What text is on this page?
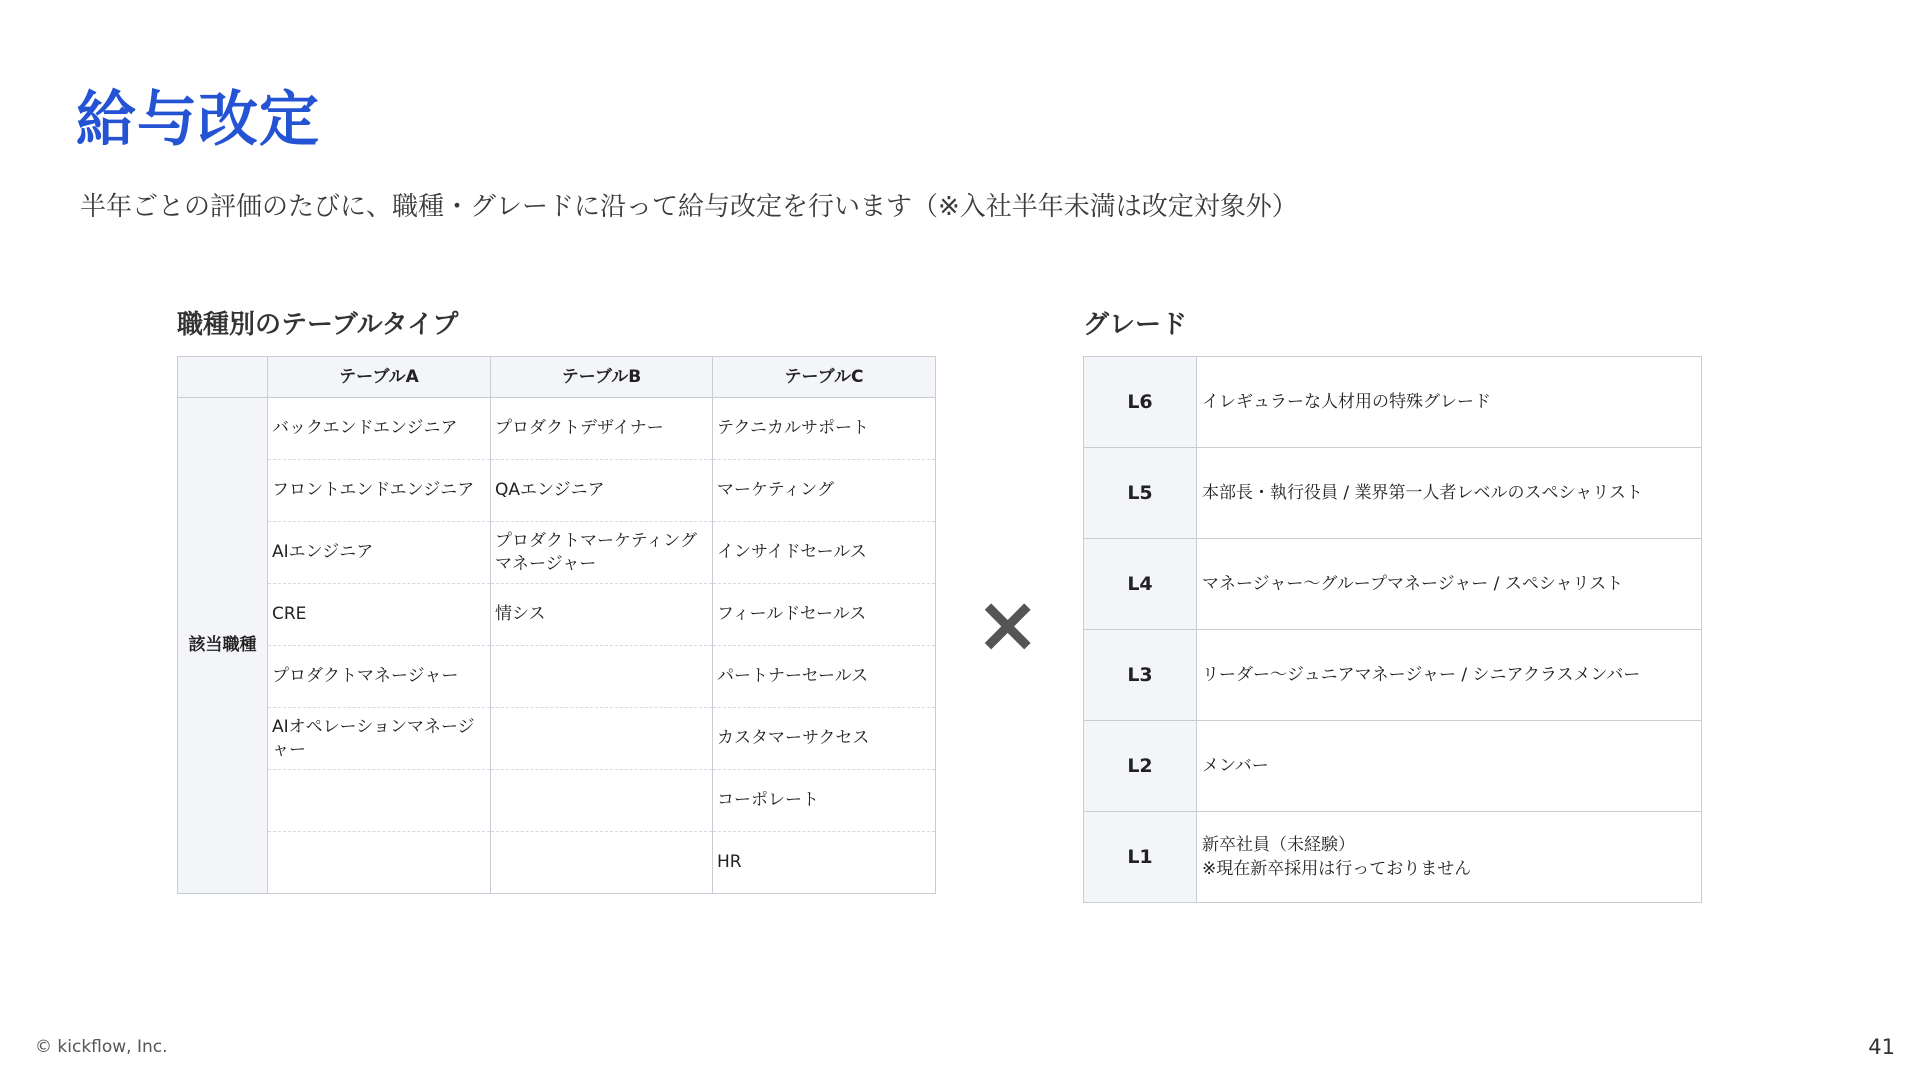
給与改定
半年ごとの評価のたびに、職種・グレードに沿って給与改定を行います（※入社半年未満は改定対象外）
職種別のテーブルタイプ	グレード
	テーブルA	テーブルB	テーブルC
該当職種	バックエンドエンジニア	プロダクトデザイナー	テクニカルサポート
	フロントエンドエンジニア	QAエンジニア	マーケティング
	AIエンジニア	プロダクトマーケティングマネージャー	インサイドセールス
	CRE	情シス	フィールドセールス
	プロダクトマネージャー		パートナーセールス
	AIオペレーションマネージャー		カスタマーサクセス
			コーポレート
			HR
×
L6	イレギュラーな人材用の特殊グレード
L5	本部長・執行役員 / 業界第一人者レベルのスペシャリスト
L4	マネージャー〜グループマネージャー / スペシャリスト
L3	リーダー〜ジュニアマネージャー / シニアクラスメンバー
L2	メンバー
L1	新卒社員（未経験）
※現在新卒採用は行っておりません
© kickflow, Inc.	41
